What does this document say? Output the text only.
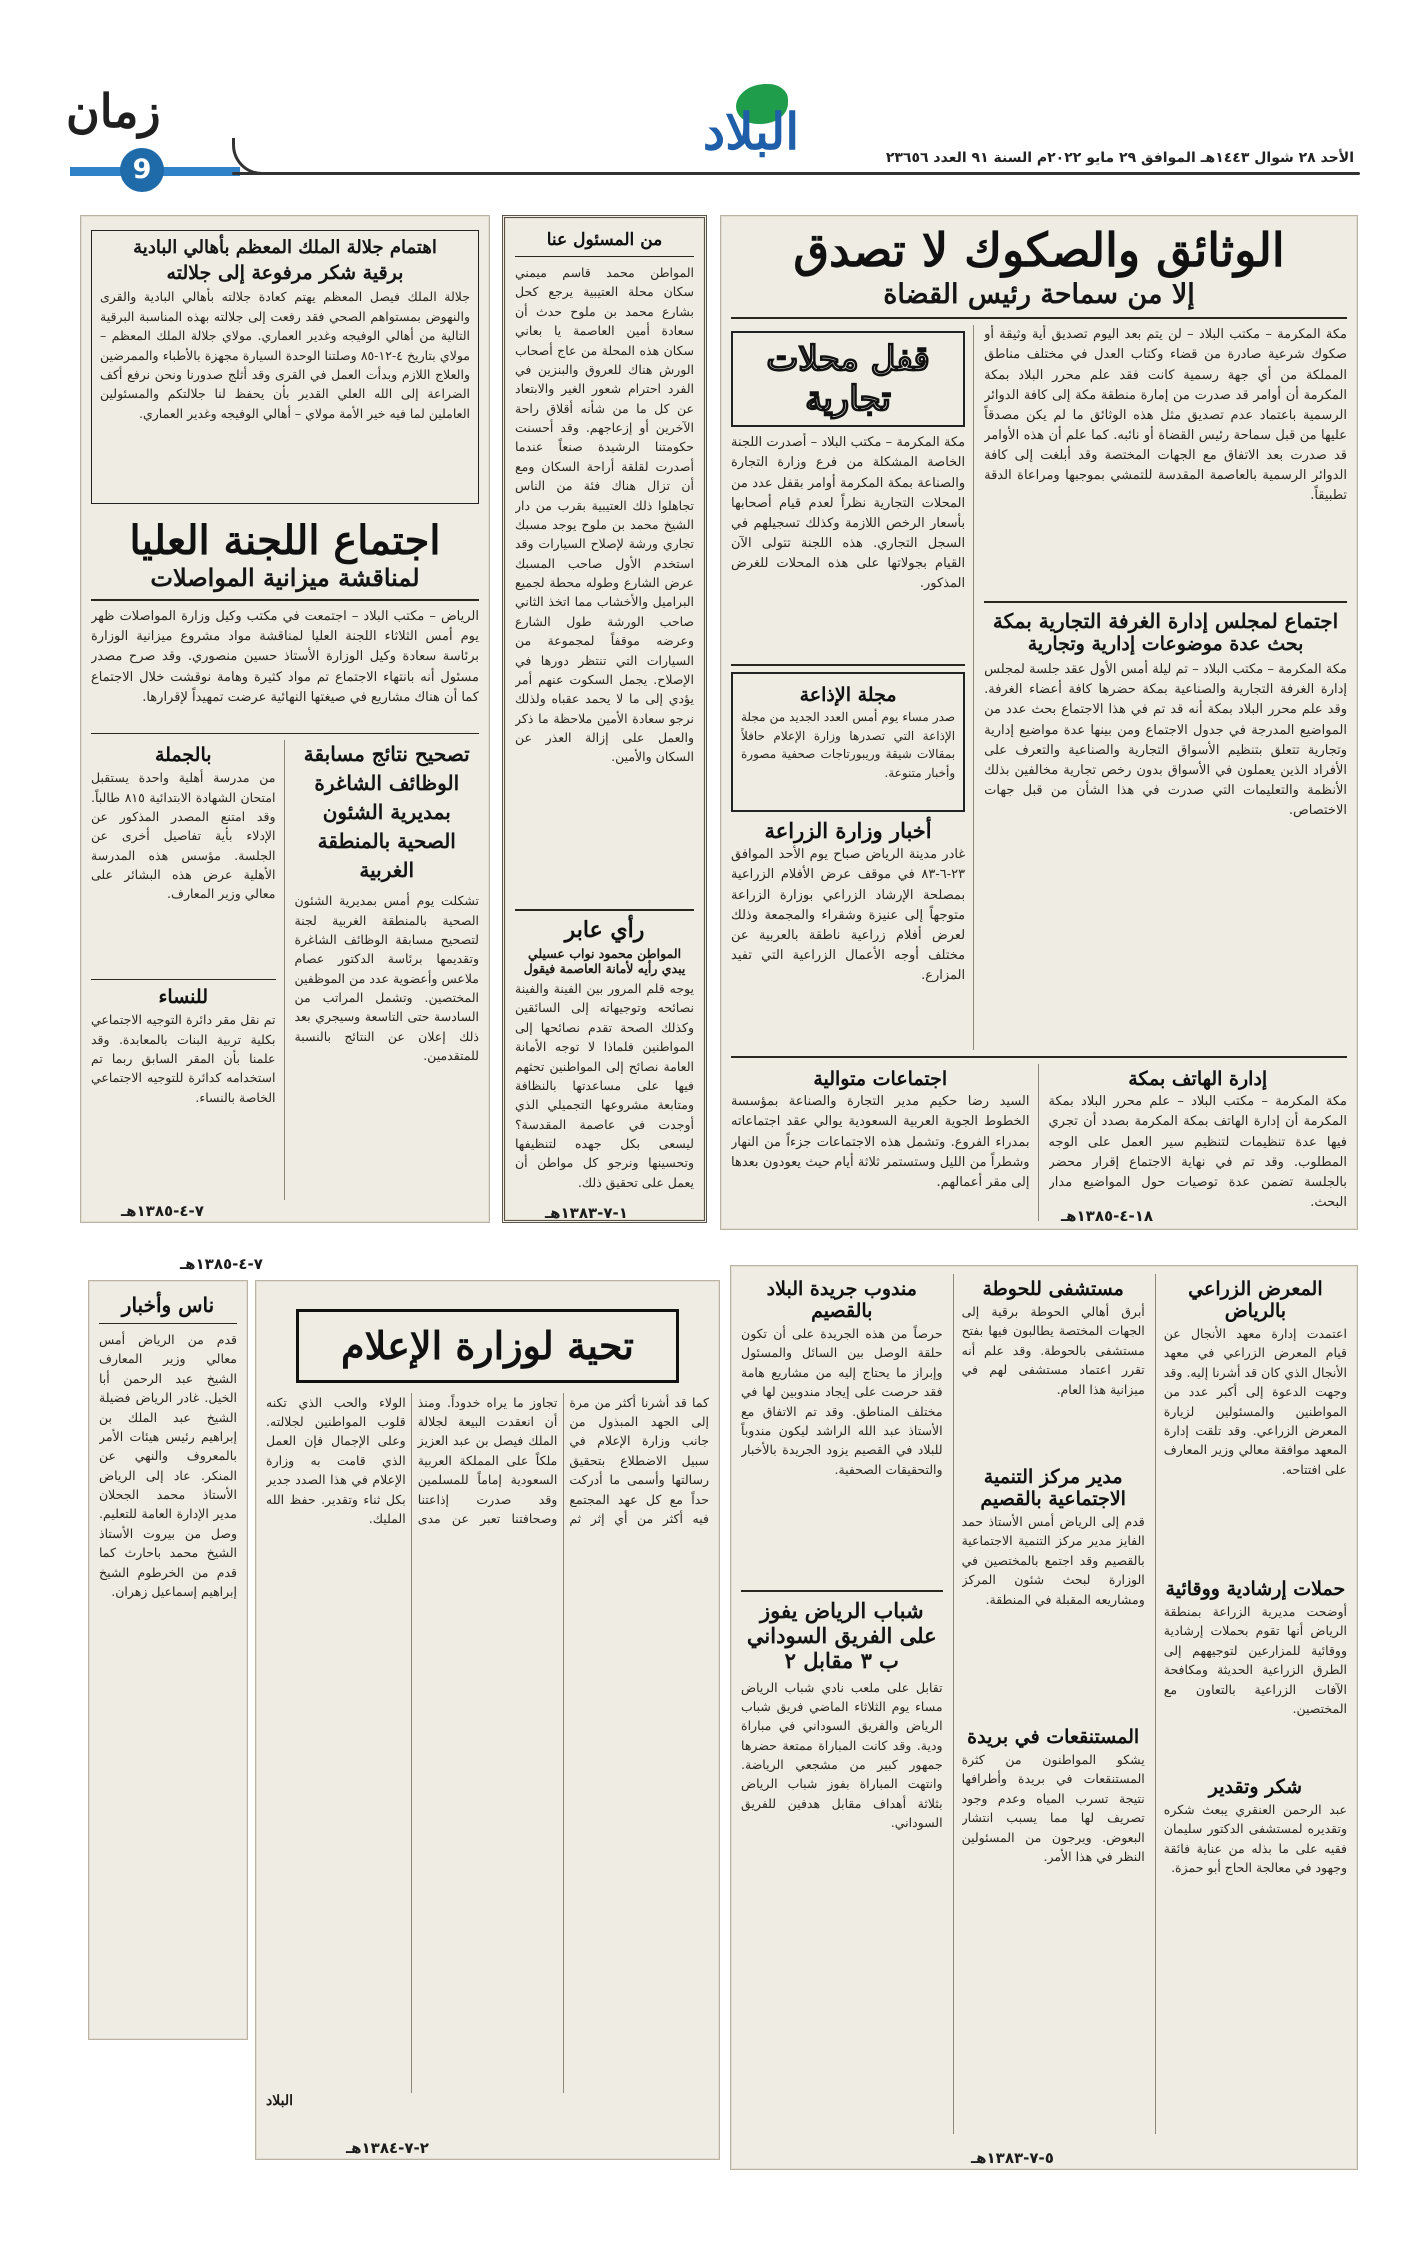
زمان
9
البلاد	الأحد ٢٨ شوال ١٤٤٣هـ الموافق ٢٩ مايو ٢٠٢٢م السنة ٩١ العدد ٢٣٦٥٦
الوثائق والصكوك لا تصدق
إلا من سماحة رئيس القضاة
مكة المكرمة – مكتب البلاد – لن يتم بعد اليوم تصديق أية وثيقة أو صكوك شرعية صادرة من قضاء وكتاب العدل في مختلف مناطق المملكة من أي جهة رسمية كانت فقد علم محرر البلاد بمكة المكرمة أن أوامر قد صدرت من إمارة منطقة مكة إلى كافة الدوائر الرسمية باعتماد عدم تصديق مثل هذه الوثائق ما لم يكن مصدقاً عليها من قبل سماحة رئيس القضاة أو نائبه. كما علم أن هذه الأوامر قد صدرت بعد الاتفاق مع الجهات المختصة وقد أبلغت إلى كافة الدوائر الرسمية بالعاصمة المقدسة للتمشي بموجبها ومراعاة الدقة تطبيقاً.
اجتماع لمجلس إدارة الغرفة التجارية بمكة
بحث عدة موضوعات إدارية وتجارية
مكة المكرمة – مكتب البلاد – تم ليلة أمس الأول عقد جلسة لمجلس إدارة الغرفة التجارية والصناعية بمكة حضرها كافة أعضاء الغرفة. وقد علم محرر البلاد بمكة أنه قد تم في هذا الاجتماع بحث عدد من المواضيع المدرجة في جدول الاجتماع ومن بينها عدة مواضيع إدارية وتجارية تتعلق بتنظيم الأسواق التجارية والصناعية والتعرف على الأفراد الذين يعملون في الأسواق بدون رخص تجارية مخالفين بذلك الأنظمة والتعليمات التي صدرت في هذا الشأن من قبل جهات الاختصاص.
قفل محلات تجارية
مكة المكرمة – مكتب البلاد – أصدرت اللجنة الخاصة المشكلة من فرع وزارة التجارة والصناعة بمكة المكرمة أوامر بقفل عدد من المحلات التجارية نظراً لعدم قيام أصحابها بأسعار الرخص اللازمة وكذلك تسجيلهم في السجل التجاري. هذه اللجنة تتولى الآن القيام بجولاتها على هذه المحلات للغرض المذكور.
مجلة الإذاعة
صدر مساء يوم أمس العدد الجديد من مجلة الإذاعة التي تصدرها وزارة الإعلام حافلاً بمقالات شيقة وريبورتاجات صحفية مصورة وأخبار متنوعة.
أخبار وزارة الزراعة
غادر مدينة الرياض صباح يوم الأحد الموافق ٢٣-٦-٨٣ في موقف عرض الأفلام الزراعية بمصلحة الإرشاد الزراعي بوزارة الزراعة متوجهاً إلى عنيزة وشقراء والمجمعة وذلك لعرض أفلام زراعية ناطقة بالعربية عن مختلف أوجه الأعمال الزراعية التي تفيد المزارع.
إدارة الهاتف بمكة
مكة المكرمة – مكتب البلاد – علم محرر البلاد بمكة المكرمة أن إدارة الهاتف بمكة المكرمة بصدد أن تجري فيها عدة تنظيمات لتنظيم سير العمل على الوجه المطلوب. وقد تم في نهاية الاجتماع إقرار محضر بالجلسة تضمن عدة توصيات حول المواضيع مدار البحث.
اجتماعات متوالية
السيد رضا حكيم مدير التجارة والصناعة بمؤسسة الخطوط الجوية العربية السعودية يوالي عقد اجتماعاته بمدراء الفروع. وتشمل هذه الاجتماعات جزءاً من النهار وشطراً من الليل وستستمر ثلاثة أيام حيث يعودون بعدها إلى مقر أعمالهم.
١٨-٤-١٣٨٥هـ
من المسئول عنا
المواطن محمد قاسم ميمني سكان محلة العتيبية يرجع كحل بشارع محمد بن ملوح حدث أن سعادة أمين العاصمة يا بعاني سكان هذه المحلة من عاج أصحاب الورش هناك للعروق والبنزين في الفرد احترام شعور الغير والابتعاد عن كل ما من شأنه أقلاق راحة الآخرين أو إزعاجهم. وقد أحسنت حكومتنا الرشيدة صنعاً عندما أصدرت لقلقة أراحة السكان ومع أن تزال هناك فئة من الناس تجاهلوا ذلك العتيبية بقرب من دار الشيخ محمد بن ملوح يوجد مسبك تجاري ورشة لإصلاح السيارات وقد استخدم الأول صاحب المسبك عرض الشارع وطوله محطة لجميع البراميل والأخشاب مما اتخذ الثاني صاحب الورشة طول الشارع وعرضه موقفاً لمجموعة من السيارات التي تنتظر دورها في الإصلاح. يجمل السكوت عنهم أمر يؤدي إلى ما لا يحمد عقباه ولذلك نرجو سعادة الأمين ملاحظة ما ذكر والعمل على إزالة العذر عن السكان والأمين.
رأي عابر
المواطن محمود نواب عسيلي يبدي رأيه لأمانة العاصمة فيقول
يوجه قلم المرور بين الفينة والفينة نصائحه وتوجيهاته إلى السائقين وكذلك الصحة تقدم نصائحها إلى المواطنين فلماذا لا توجه الأمانة العامة نصائح إلى المواطنين تحثهم فيها على مساعدتها بالنظافة ومتابعة مشروعها التجميلي الذي أوجدت في عاصمة المقدسة؟ ليسعى بكل جهده لتنظيفها وتحسينها ونرجو كل مواطن أن يعمل على تحقيق ذلك.
١-٧-١٣٨٣هـ
اهتمام جلالة الملك المعظم بأهالي البادية
برقية شكر مرفوعة إلى جلالته
جلالة الملك فيصل المعظم يهتم كعادة جلالته بأهالي البادية والقرى والنهوض بمستواهم الصحي فقد رفعت إلى جلالته بهذه المناسبة البرقية التالية من أهالي الوفيجه وغدير العماري. مولاي جلالة الملك المعظم – مولاي بتاريخ ٤-١٢-٨٥ وصلتنا الوحدة السيارة مجهزة بالأطباء والممرضين والعلاج اللازم وبدأت العمل في القرى وقد أثلج صدورنا ونحن نرفع أكف الضراعة إلى الله العلي القدير بأن يحفظ لنا جلالتكم والمسئولين العاملين لما فيه خير الأمة مولاي – أهالي الوفيجه وغدير العماري.
اجتماع اللجنة العليا
لمناقشة ميزانية المواصلات
الرياض – مكتب البلاد – اجتمعت في مكتب وكيل وزارة المواصلات ظهر يوم أمس الثلاثاء اللجنة العليا لمناقشة مواد مشروع ميزانية الوزارة برئاسة سعادة وكيل الوزارة الأستاذ حسين منصوري. وقد صرح مصدر مسئول أنه بانتهاء الاجتماع تم مواد كثيرة وهامة نوقشت خلال الاجتماع كما أن هناك مشاريع في صيغتها النهائية عرضت تمهيداً لإقرارها.
تصحيح نتائج مسابقة الوظائف الشاغرة بمديرية الشئون الصحية بالمنطقة الغربية
تشكلت يوم أمس بمديرية الشئون الصحية بالمنطقة الغربية لجنة لتصحيح مسابقة الوظائف الشاغرة وتقديمها برئاسة الدكتور عصام ملاعس وأعضوية عدد من الموظفين المختصين. وتشمل المراتب من السادسة حتى التاسعة وسيجري بعد ذلك إعلان عن النتائج بالنسبة للمتقدمين.
بالجملة
من مدرسة أهلية واحدة يستقبل امتحان الشهادة الابتدائية ٨١٥ طالباً. وقد امتنع المصدر المذكور عن الإدلاء بأية تفاصيل أخرى عن الجلسة. مؤسس هذه المدرسة الأهلية عرض هذه البشائر على معالي وزير المعارف.
للنساء
تم نقل مقر دائرة التوجيه الاجتماعي بكلية تربية البنات بالمعابدة. وقد علمنا بأن المقر السابق ربما تم استخدامه كدائرة للتوجيه الاجتماعي الخاصة بالنساء.
٧-٤-١٣٨٥هـ
المعرض الزراعي بالرياض
اعتمدت إدارة معهد الأنجال عن قيام المعرض الزراعي في معهد الأنجال الذي كان قد أشرنا إليه. وقد وجهت الدعوة إلى أكبر عدد من المواطنين والمسئولين لزيارة المعرض الزراعي. وقد تلقت إدارة المعهد موافقة معالي وزير المعارف على افتتاحه.
حملات إرشادية ووقائية
أوضحت مديرية الزراعة بمنطقة الرياض أنها تقوم بحملات إرشادية ووقائية للمزارعين لتوجيههم إلى الطرق الزراعية الحديثة ومكافحة الآفات الزراعية بالتعاون مع المختصين.
شكر وتقدير
عبد الرحمن العنقري يبعث شكره وتقديره لمستشفى الدكتور سليمان فقيه على ما بذله من عناية فائقة وجهود في معالجة الحاج أبو حمزة.
مستشفى للحوطة
أبرق أهالي الحوطة برقية إلى الجهات المختصة يطالبون فيها بفتح مستشفى بالحوطة. وقد علم أنه تقرر اعتماد مستشفى لهم في ميزانية هذا العام.
مدير مركز التنمية الاجتماعية بالقصيم
قدم إلى الرياض أمس الأستاذ حمد الفايز مدير مركز التنمية الاجتماعية بالقصيم وقد اجتمع بالمختصين في الوزارة لبحث شئون المركز ومشاريعه المقبلة في المنطقة.
المستنقعات في بريدة
يشكو المواطنون من كثرة المستنقعات في بريدة وأطرافها نتيجة تسرب المياه وعدم وجود تصريف لها مما يسبب انتشار البعوض. ويرجون من المسئولين النظر في هذا الأمر.
مندوب جريدة البلاد بالقصيم
حرصاً من هذه الجريدة على أن تكون حلقة الوصل بين السائل والمسئول وإبراز ما يحتاج إليه من مشاريع هامة فقد حرصت على إيجاد مندوبين لها في مختلف المناطق. وقد تم الاتفاق مع الأستاذ عبد الله الراشد ليكون مندوباً للبلاد في القصيم يزود الجريدة بالأخبار والتحقيقات الصحفية.
شباب الرياض يفوز على الفريق السوداني ب ٣ مقابل ٢
تقابل على ملعب نادي شباب الرياض مساء يوم الثلاثاء الماضي فريق شباب الرياض والفريق السوداني في مباراة ودية. وقد كانت المباراة ممتعة حضرها جمهور كبير من مشجعي الرياضة. وانتهت المباراة بفوز شباب الرياض بثلاثة أهداف مقابل هدفين للفريق السوداني.
٥-٧-١٣٨٣هـ
تحية لوزارة الإعلام
كما قد أشرنا أكثر من مرة إلى الجهد المبذول من جانب وزارة الإعلام في سبيل الاضطلاع بتحقيق رسالتها وأسمى ما أدركت حداً مع كل عهد المجتمع فيه أكثر من أي إثر ثم تجاوز ما يراه خدوداً. ومنذ أن انعقدت البيعة لجلالة الملك فيصل بن عبد العزيز ملكاً على المملكة العربية السعودية إماماً للمسلمين وقد صدرت إذاعتنا وصحافتنا تعبر عن مدى الولاء والحب الذي تكنه قلوب المواطنين لجلالته. وعلى الإجمال فإن العمل الذي قامت به وزارة الإعلام في هذا الصدد جدير بكل ثناء وتقدير. حفظ الله المليك.
البلاد
٢-٧-١٣٨٤هـ
ناس وأخبار
قدم من الرياض أمس معالي وزير المعارف الشيخ عبد الرحمن أبا الخيل. غادر الرياض فضيلة الشيخ عبد الملك بن إبراهيم رئيس هيئات الأمر بالمعروف والنهي عن المنكر. عاد إلى الرياض الأستاذ محمد الجحلان مدير الإدارة العامة للتعليم. وصل من بيروت الأستاذ الشيخ محمد باحارث كما قدم من الخرطوم الشيخ إبراهيم إسماعيل زهران.
٧-٤-١٣٨٥هـ
